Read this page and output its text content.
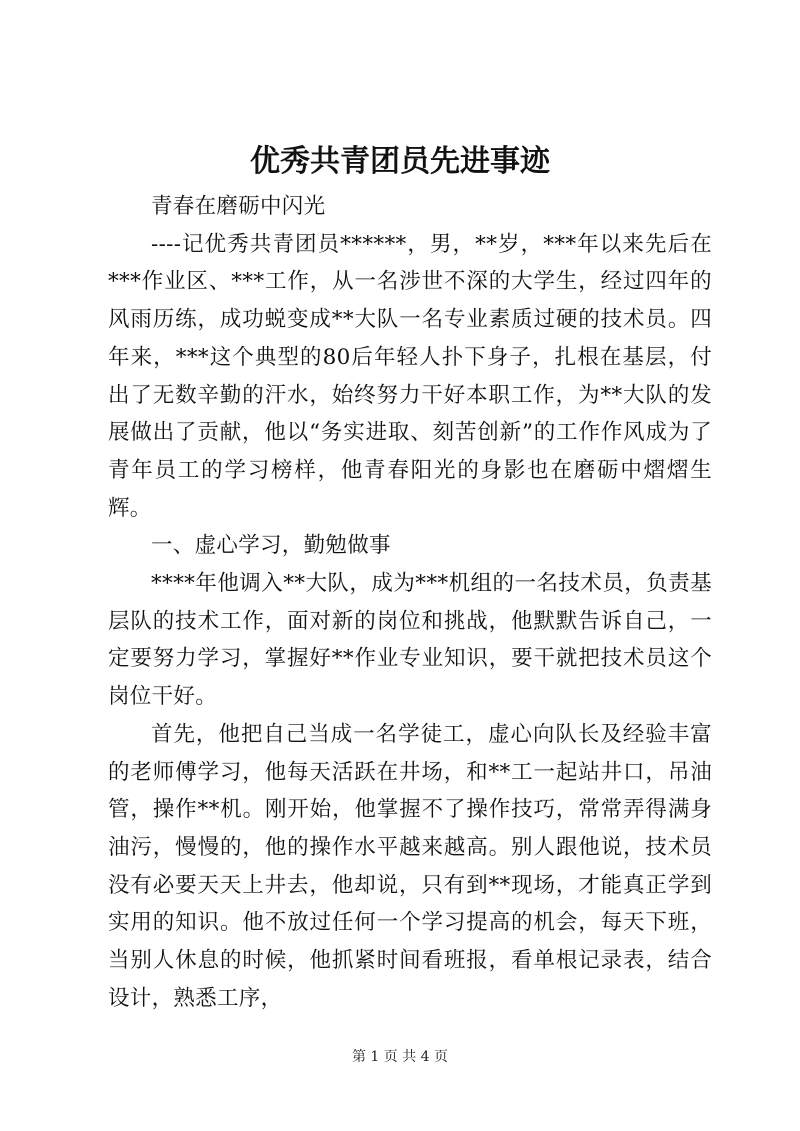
优秀共青团员先进事迹

青春在磨砺中闪光

----记优秀共青团员******，男，**岁，***年以来先后在***作业区、***工作，从一名涉世不深的大学生，经过四年的风雨历练，成功蜕变成**大队一名专业素质过硬的技术员。四年来，***这个典型的80后年轻人扑下身子，扎根在基层，付出了无数辛勤的汗水，始终努力干好本职工作，为**大队的发展做出了贡献，他以“务实进取、刻苦创新”的工作作风成为了青年员工的学习榜样，他青春阳光的身影也在磨砺中熠熠生辉。

一、虚心学习，勤勉做事

****年他调入**大队，成为***机组的一名技术员，负责基层队的技术工作，面对新的岗位和挑战，他默默告诉自己，一定要努力学习，掌握好**作业专业知识，要干就把技术员这个岗位干好。

首先，他把自己当成一名学徒工，虚心向队长及经验丰富的老师傅学习，他每天活跃在井场，和**工一起站井口，吊油管，操作**机。刚开始，他掌握不了操作技巧，常常弄得满身油污，慢慢的，他的操作水平越来越高。别人跟他说，技术员没有必要天天上井去，他却说，只有到**现场，才能真正学到实用的知识。他不放过任何一个学习提高的机会，每天下班，当别人休息的时候，他抓紧时间看班报，看单根记录表，结合设计，熟悉工序，

第 1 页 共 4 页
